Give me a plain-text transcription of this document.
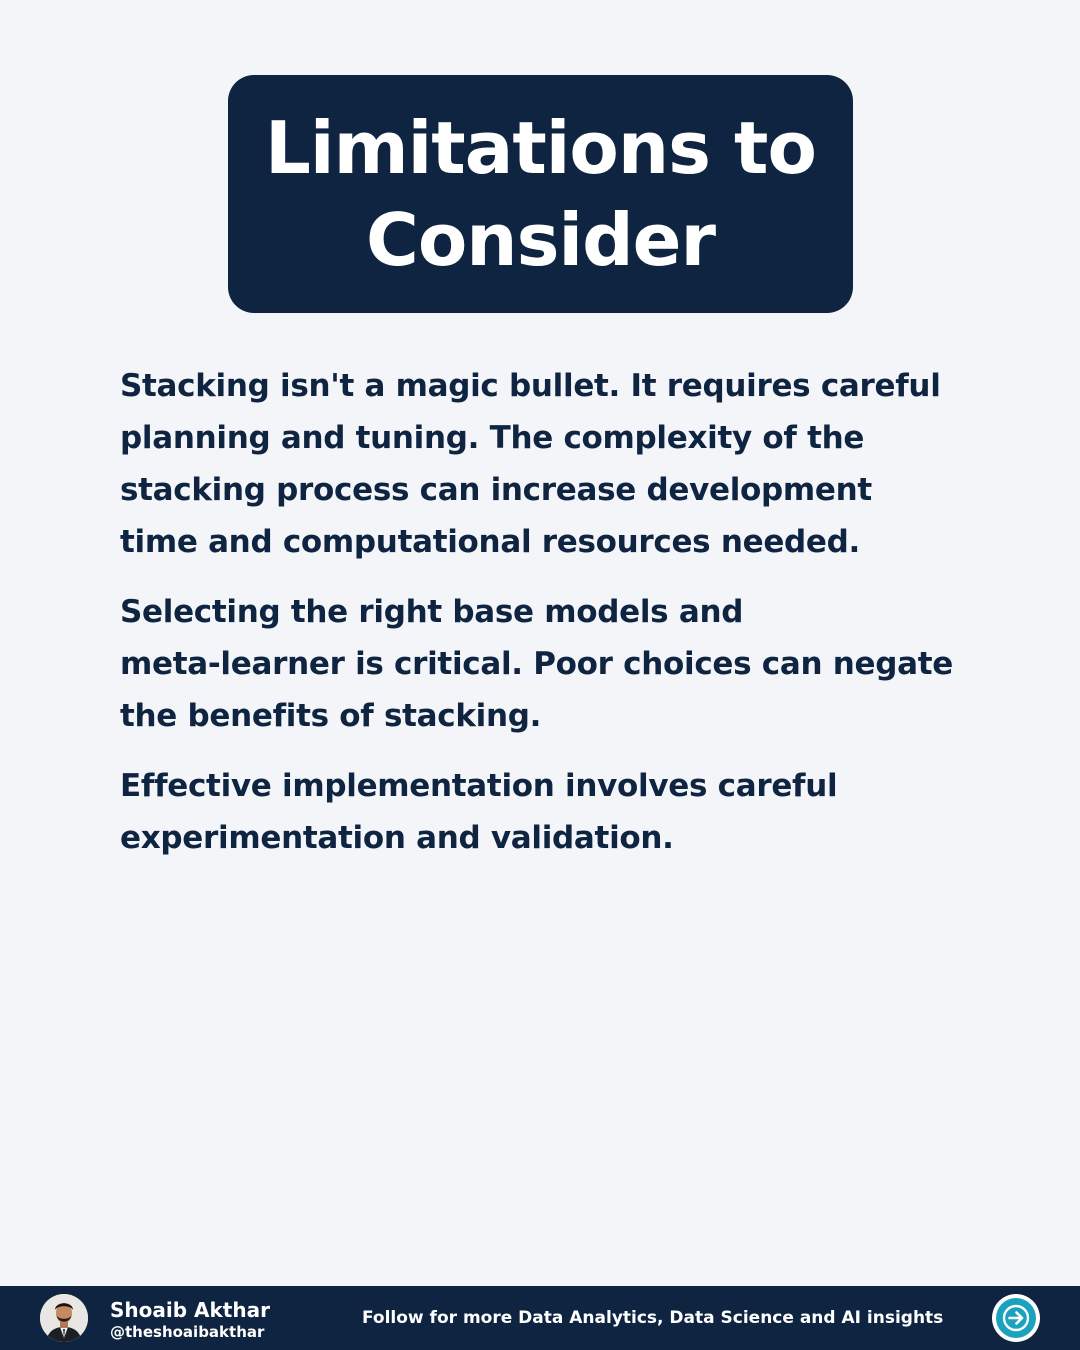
Limitations to
Consider

Stacking isn't a magic bullet. It requires careful
planning and tuning. The complexity of the
stacking process can increase development
time and computational resources needed.

Selecting the right base models and
meta-learner is critical. Poor choices can negate
the benefits of stacking.

Effective implementation involves careful
experimentation and validation.

Shoaib Akthar
@theshoaibakthar
Follow for more Data Analytics, Data Science and AI insights
